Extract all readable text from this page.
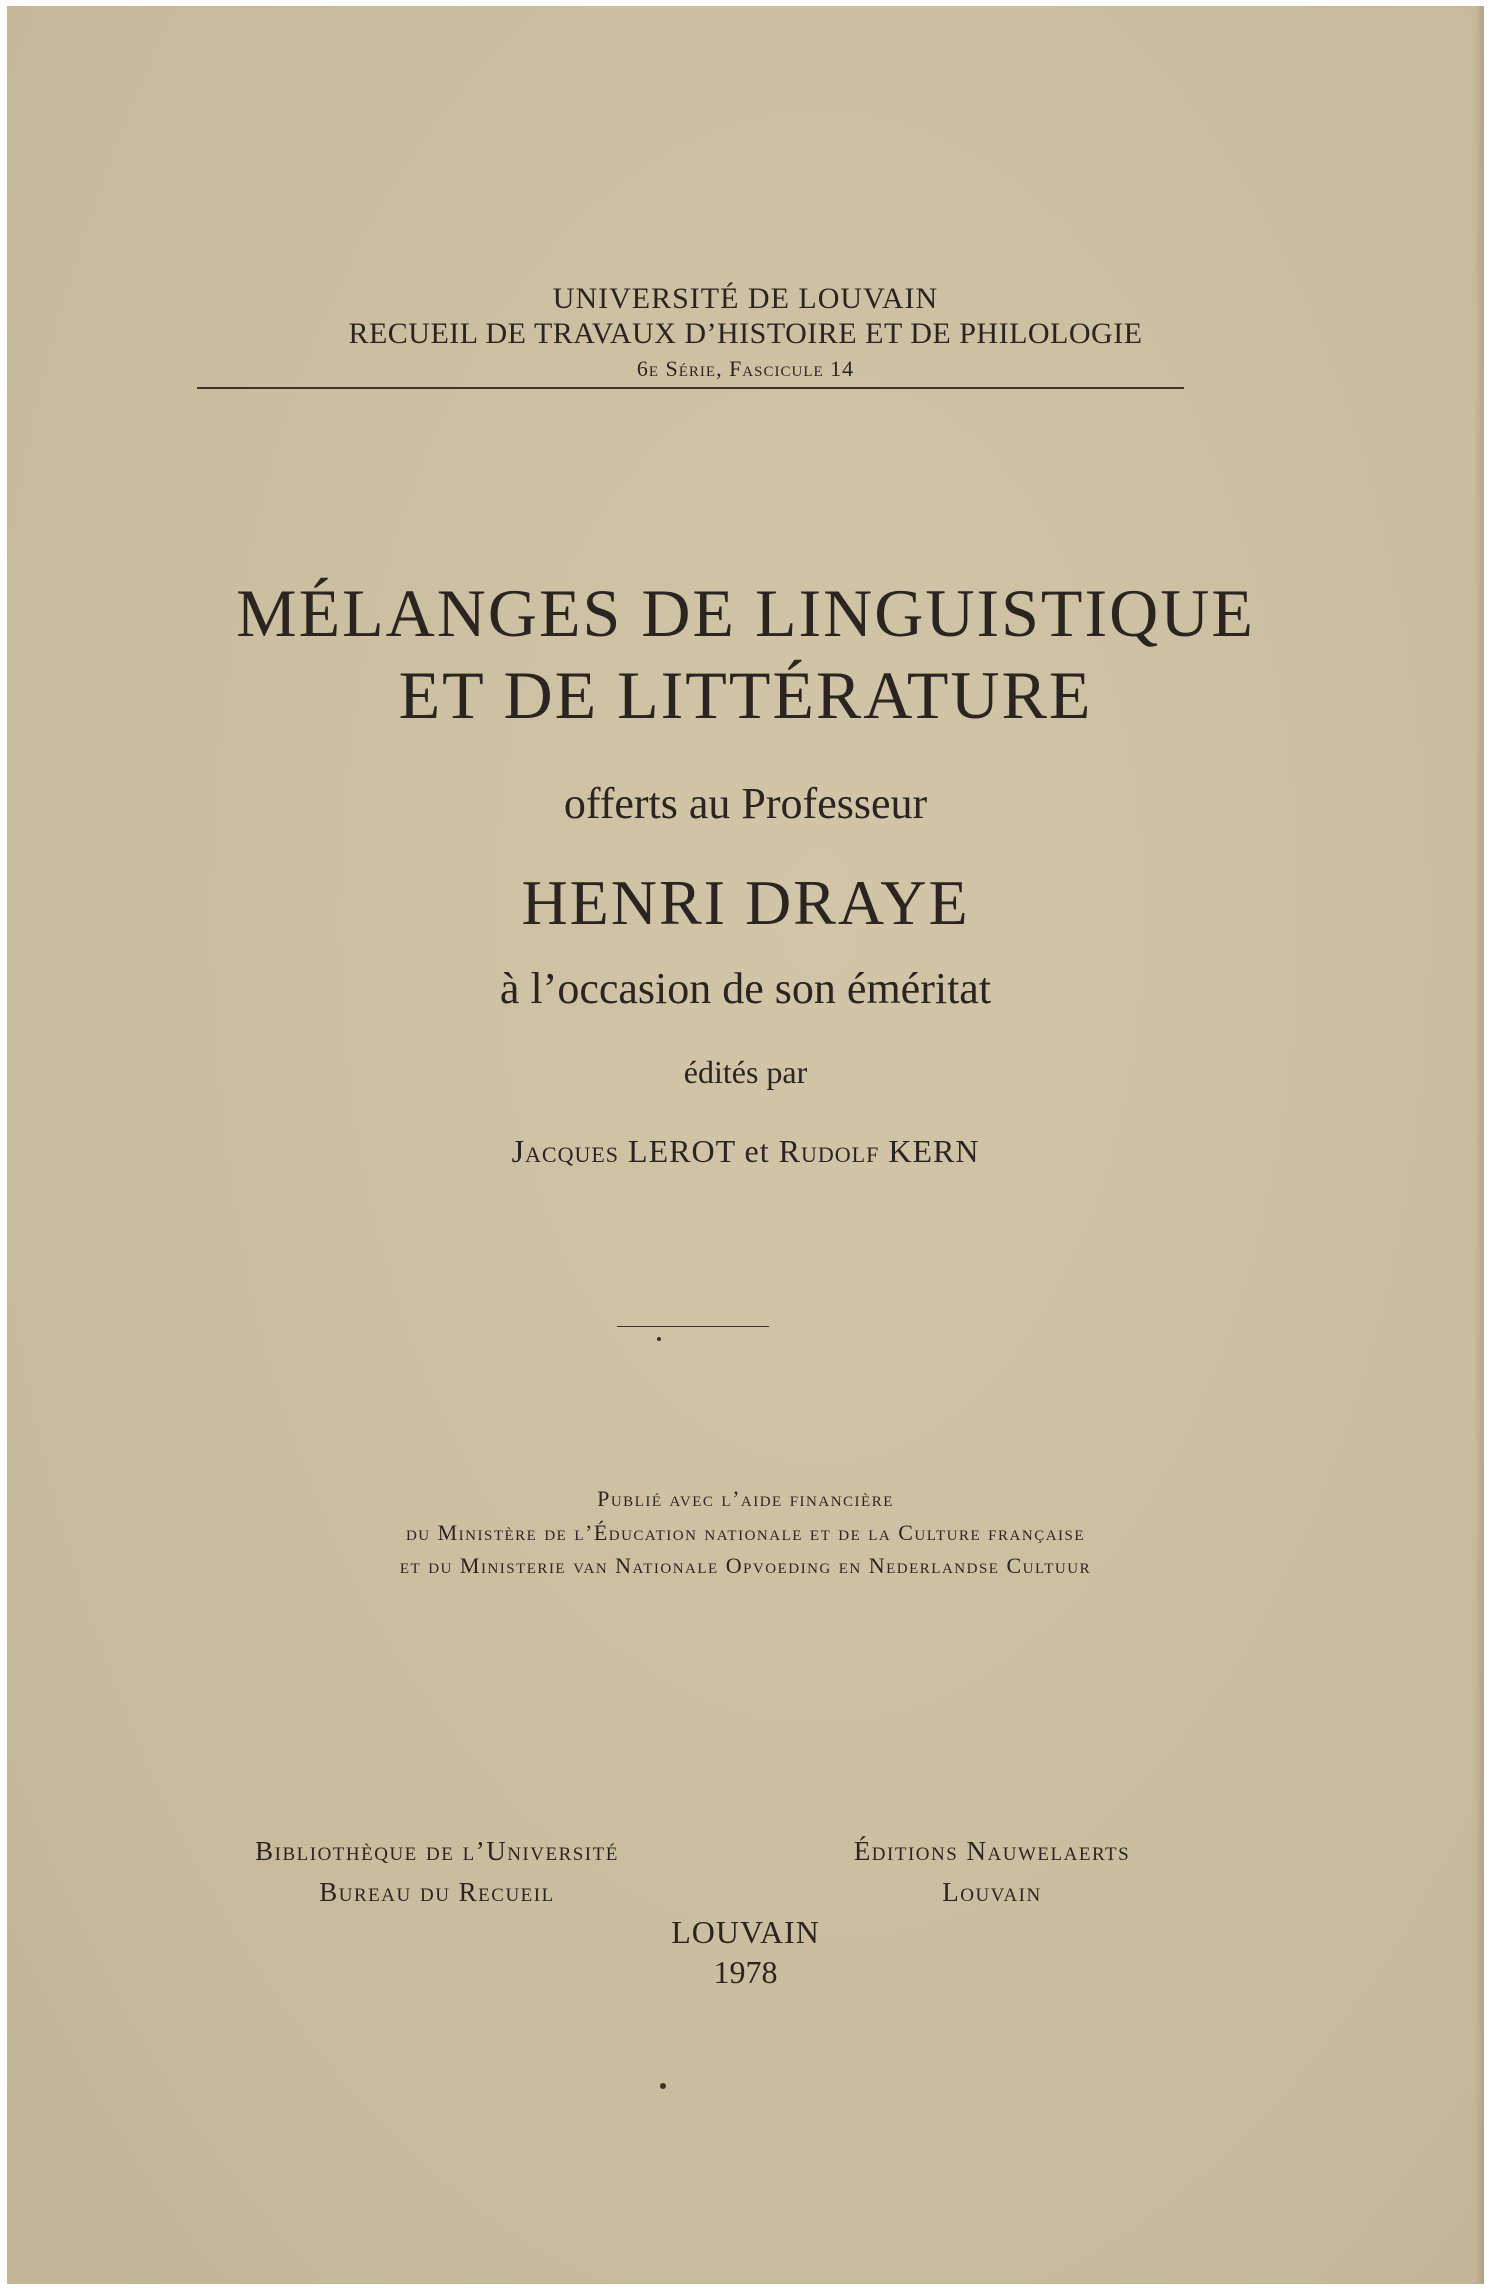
UNIVERSITÉ DE LOUVAIN

RECUEIL DE TRAVAUX D’HISTOIRE ET DE PHILOLOGIE

6e Série, Fascicule 14

MÉLANGES DE LINGUISTIQUE

ET DE LITTÉRATURE

offerts au Professeur

HENRI DRAYE

à l’occasion de son éméritat

édités par

Jacques LEROT et Rudolf KERN

Publié avec l’aide financière

du Ministère de l’Éducation nationale et de la Culture française

et du Ministerie van Nationale Opvoeding en Nederlandse Cultuur

Bibliothèque de l’Université

Bureau du Recueil

Éditions Nauwelaerts

Louvain

LOUVAIN

1978
